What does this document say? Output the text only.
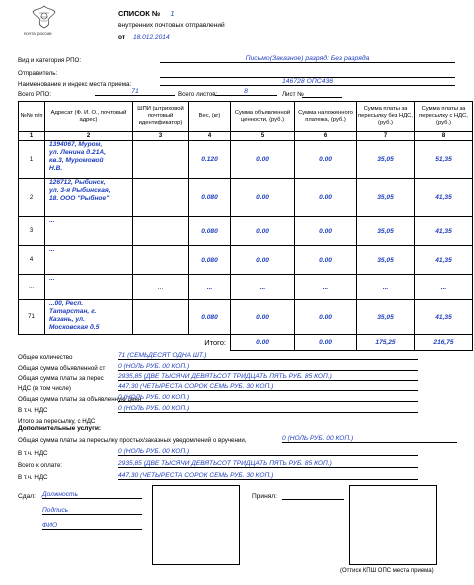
почта россии
СПИСОК № 1
внутренних почтовых отправлений
от 18.012.2014
Вид и категория РПО:	Письмо(Заказное) разряд: Без разряда
Отправитель:
Наименование и индекс места приема:	146728 ОПС436
Всего РПО:	71	Всего листов:	8	Лист №
№№ п/п	Адресат (Ф. И. О., почтовый адрес)	ШПИ (штриховой почтовый идентификатор)	Вес, (кг)	Сумма объявленной ценности, (руб.)	Сумма наложенного платежа, (руб.)	Сумма платы за пересылку без НДС, (руб.)	Сумма платы за пересылку с НДС, (руб.)
1	2	3	4	5	6	7	8
1	1394067, Муром,
ул. Ленина д.21А,
кв.3, Муромовой
Н.В.		0.120	0.00	0.00	35,05	51,35
2	126712, Рыбинск,
ул. 3-я Рыбинская,
18. ООО "Рыбное"		0.080	0.00	0.00	35,05	41,35
3	...		0.080	0.00	0.00	35,05	41,35
4	...		0.080	0.00	0.00	35,05	41,35
...	...	...	...	...	...	...	...
71	...00, Респ.
Татарстан, г.
Казань, ул.
Московская д.5		0.080	0.00	0.00	35,05	41,35
Итого:				0.00	0.00	175,25	216,75
Общее количество	71 (СЕМЬДЕСЯТ ОДНА ШТ.)
Общая сумма объявленной ст	0 (НОЛЬ РУБ. 00 КОП.)
Общая сумма платы за перес	2935,85 (ДВЕ ТЫСЯЧИ ДЕВЯТЬСОТ ТРИДЦАТЬ ПЯТЬ РУБ. 85 КОП.)
НДС (в том числе)	447,30 (ЧЕТЫРЕСТА СОРОК СЕМЬ РУБ. 30 КОП.)
Общая сумма платы за объявленную ценн
0 (НОЛЬ РУБ. 00 КОП.)
В т.ч. НДС	0 (НОЛЬ РУБ. 00 КОП.)
Итого за пересылку, с НДС
Дополнительные услуги:
Общая сумма платы за пересылку простых/заказных уведомлений о вручении,	0 (НОЛЬ РУБ. 00 КОП.)
В т.ч. НДС	0 (НОЛЬ РУБ. 00 КОП.)
Всего к оплате:	2935,85 (ДВЕ ТЫСЯЧИ ДЕВЯТЬСОТ ТРИДЦАТЬ ПЯТЬ РУБ. 85 КОП.)
В т.ч. НДС	447,30 (ЧЕТЫРЕСТА СОРОК СЕМЬ РУБ. 30 КОП.)
Сдал: Должность
Подпись
ФИО
Принял:
(Оттиск КПШ ОПС места приема)
